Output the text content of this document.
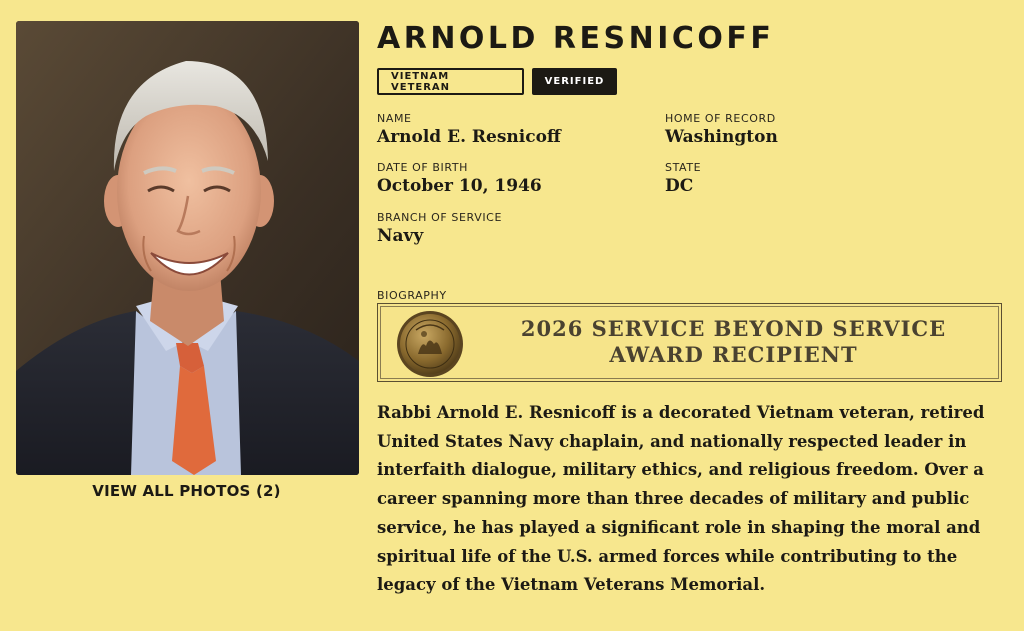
VIEW ALL PHOTOS (2)
ARNOLD RESNICOFF
VIETNAM VETERAN	VERIFIED
NAME
Arnold E. Resnicoff
DATE OF BIRTH
October 10, 1946
BRANCH OF SERVICE
Navy
HOME OF RECORD
Washington
STATE
DC
BIOGRAPHY
2026 SERVICE BEYOND SERVICE
AWARD RECIPIENT

Rabbi Arnold E. Resnicoff is a decorated Vietnam veteran, retired United States Navy chaplain, and nationally respected leader in interfaith dialogue, military ethics, and religious freedom. Over a career spanning more than three decades of military and public service, he has played a significant role in shaping the moral and spiritual life of the U.S. armed forces while contributing to the legacy of the Vietnam Veterans Memorial.
